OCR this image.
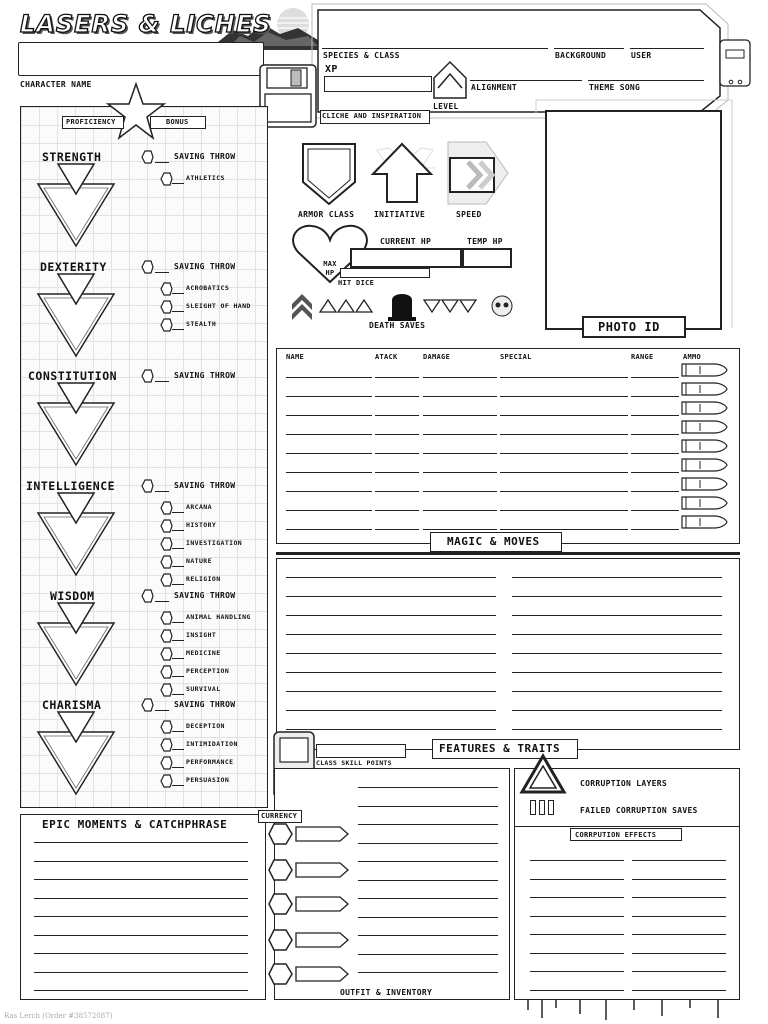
LASERS & LICHES
CHARACTER NAME
SPECIES & CLASS	BACKGROUND	USER
XP
LEVEL
ALIGNMENT	THEME SONG
CLICHE AND INSPIRATION
PROFICIENCY	BONUS
STRENGTH	SAVING THROW
ATHLETICS
DEXTERITY	SAVING THROW
ACROBATICS
SLEIGHT OF HAND
STEALTH
CONSTITUTION	SAVING THROW
INTELLIGENCE	SAVING THROW
ARCANA
HISTORY
INVESTIGATION
NATURE
RELIGION
WISDOM	SAVING THROW
ANIMAL HANDLING
INSIGHT
MEDICINE
PERCEPTION
SURVIVAL
CHARISMA	SAVING THROW
DECEPTION
INTIMIDATION
PERFORMANCE
PERSUASION
ARMOR CLASS INITIATIVE	SPEED
MAX HP
CURRENT HP	TEMP HP
HIT DICE
DEATH SAVES	PHOTO ID
NAME	ATACK	DAMAGE	SPECIAL	RANGE	AMMO
MAGIC & MOVES
CLASS SKILL POINTS
FEATURES & TRAITS
EPIC MOMENTS & CATCHPHRASE
CURRENCY
OUTFIT & INVENTORY
CORRUPTION LAYERS
FAILED CORRUPTION SAVES
CORRPUTION EFFECTS
Ras Lerch (Order #38572087)
